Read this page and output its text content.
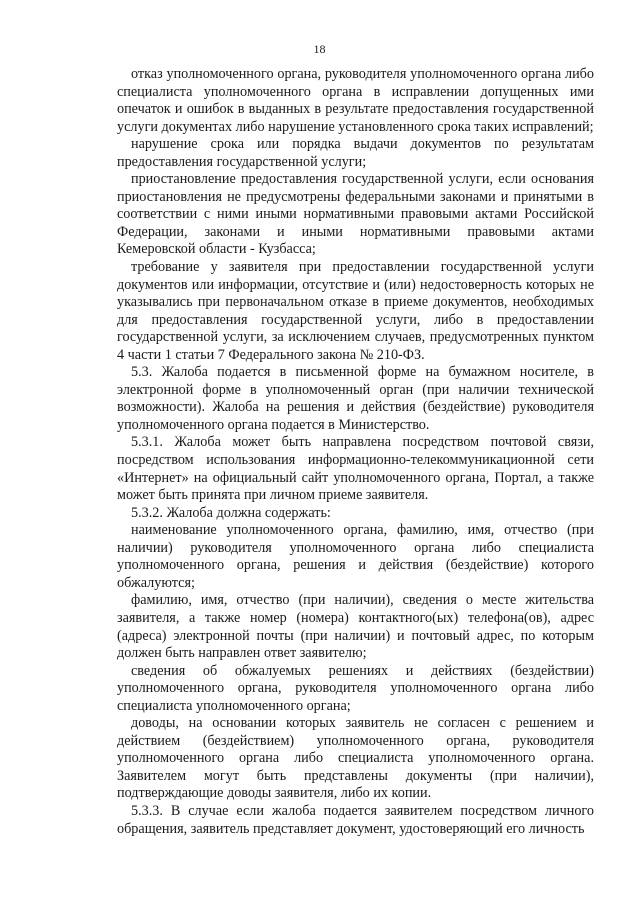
18

отказ уполномоченного органа, руководителя уполномоченного органа либо специалиста уполномоченного органа в исправлении допущенных ими опечаток и ошибок в выданных в результате предоставления государственной услуги документах либо нарушение установленного срока таких исправлений;

нарушение срока или порядка выдачи документов по результатам предоставления государственной услуги;

приостановление предоставления государственной услуги, если основания приостановления не предусмотрены федеральными законами и принятыми в соответствии с ними иными нормативными правовыми актами Российской Федерации, законами и иными нормативными правовыми актами Кемеровской области - Кузбасса;

требование у заявителя при предоставлении государственной услуги документов или информации, отсутствие и (или) недостоверность которых не указывались при первоначальном отказе в приеме документов, необходимых для предоставления государственной услуги, либо в предоставлении государственной услуги, за исключением случаев, предусмотренных пунктом 4 части 1 статьи 7 Федерального закона № 210-ФЗ.

5.3. Жалоба подается в письменной форме на бумажном носителе, в электронной форме в уполномоченный орган (при наличии технической возможности). Жалоба на решения и действия (бездействие) руководителя уполномоченного органа подается в Министерство.

5.3.1. Жалоба может быть направлена посредством почтовой связи, посредством использования информационно-телекоммуникационной сети «Интернет» на официальный сайт уполномоченного органа, Портал, а также может быть принята при личном приеме заявителя.

5.3.2. Жалоба должна содержать:

наименование уполномоченного органа, фамилию, имя, отчество (при наличии) руководителя уполномоченного органа либо специалиста уполномоченного органа, решения и действия (бездействие) которого обжалуются;

фамилию, имя, отчество (при наличии), сведения о месте жительства заявителя, а также номер (номера) контактного(ых) телефона(ов), адрес (адреса) электронной почты (при наличии) и почтовый адрес, по которым должен быть направлен ответ заявителю;

сведения об обжалуемых решениях и действиях (бездействии) уполномоченного органа, руководителя уполномоченного органа либо специалиста уполномоченного органа;

доводы, на основании которых заявитель не согласен с решением и действием (бездействием) уполномоченного органа, руководителя уполномоченного органа либо специалиста уполномоченного органа. Заявителем могут быть представлены документы (при наличии), подтверждающие доводы заявителя, либо их копии.

5.3.3. В случае если жалоба подается заявителем посредством личного обращения, заявитель представляет документ, удостоверяющий его личность
